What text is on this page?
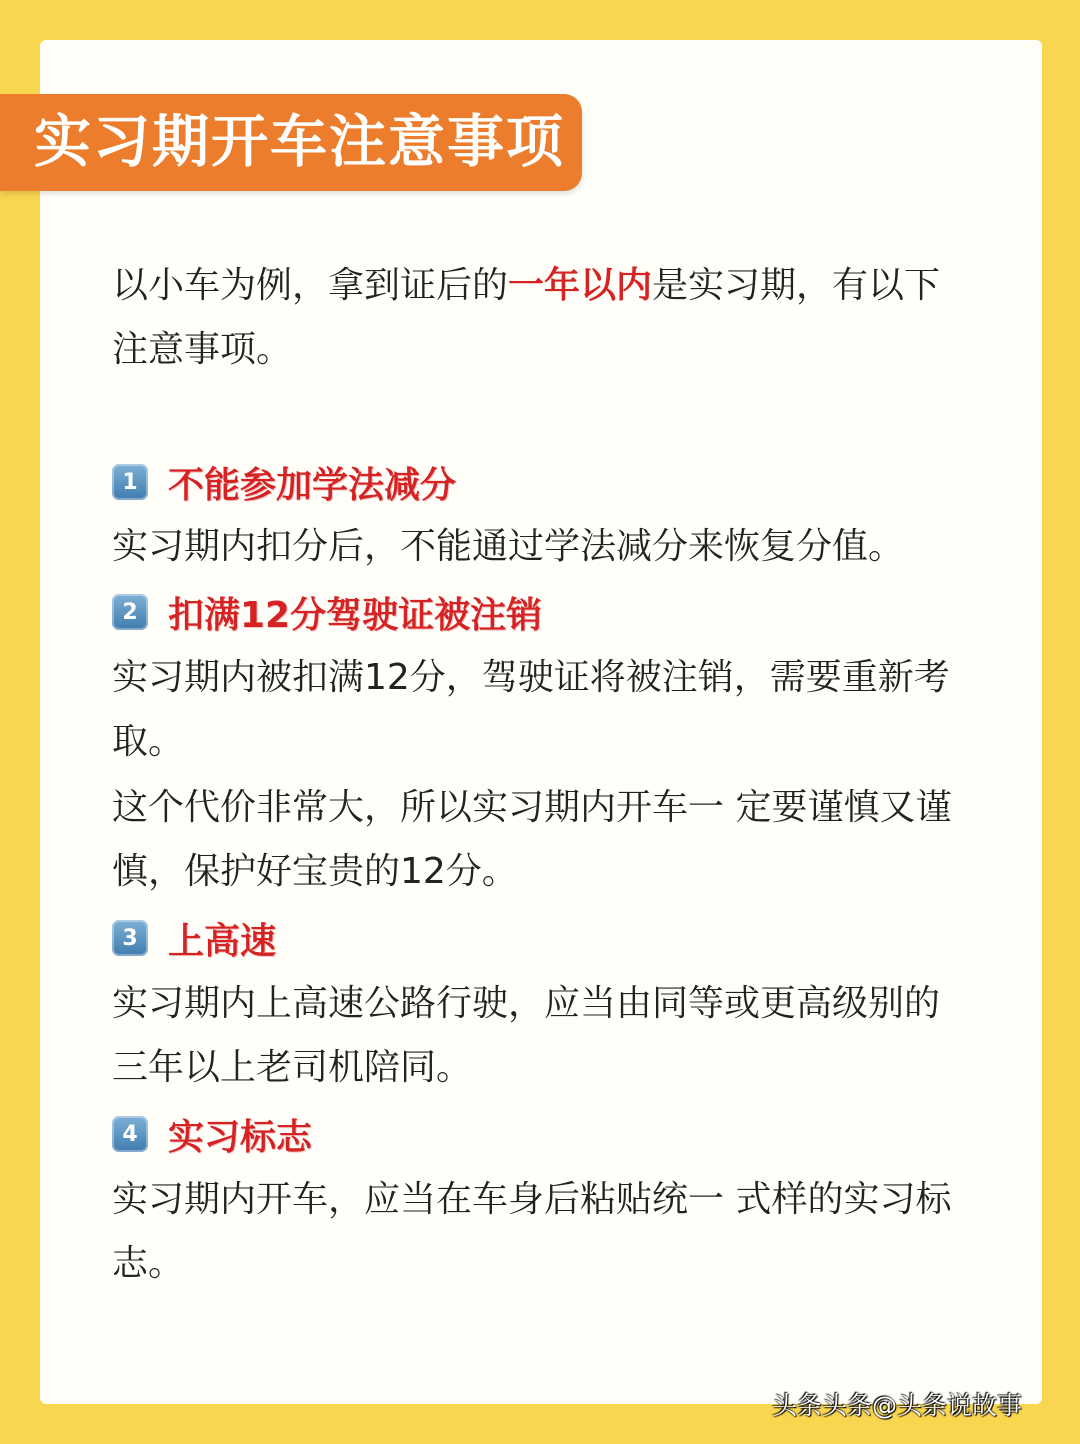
实习期开车注意事项
以小车为例，拿到证后的一年以内是实习期，有以下注意事项。
1 不能参加学法减分
实习期内扣分后，不能通过学法减分来恢复分值。
2 扣满12分驾驶证被注销
实习期内被扣满12分，驾驶证将被注销，需要重新考取。
这个代价非常大，所以实习期内开车一 定要谨慎又谨慎，保护好宝贵的12分。
3 上高速
实习期内上高速公路行驶，应当由同等或更高级别的三年以上老司机陪同。
4 实习标志
实习期内开车，应当在车身后粘贴统一 式样的实习标志。
头条头条@头条说故事
